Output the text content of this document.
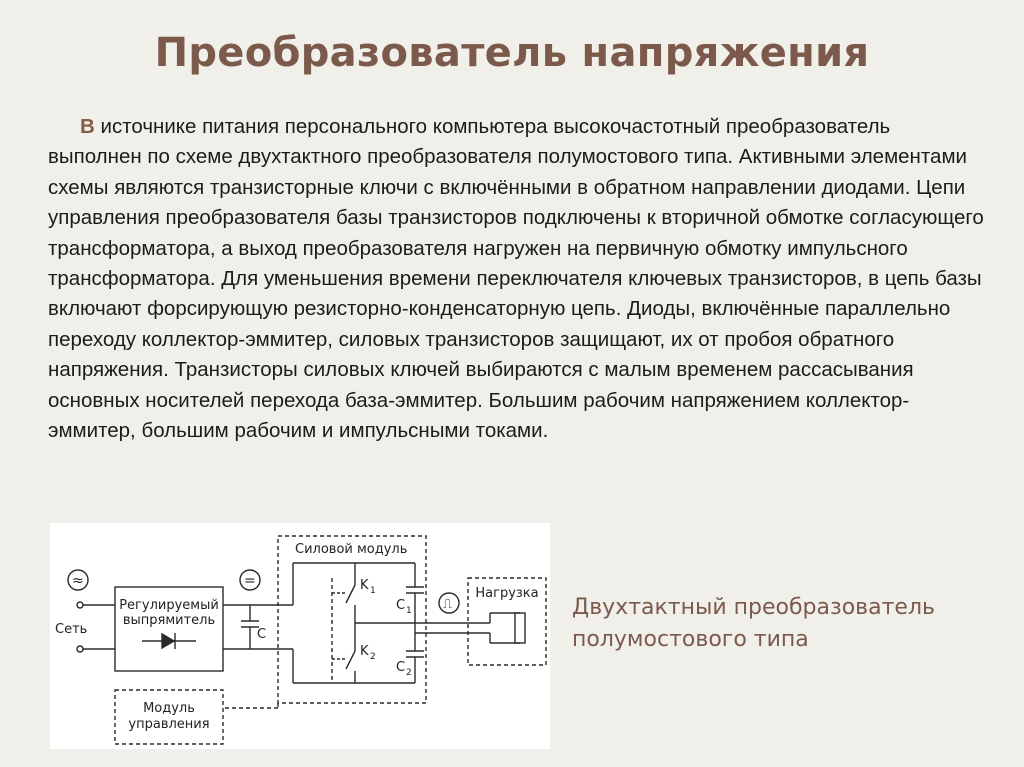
Преобразователь напряжения

В источнике питания персонального компьютера высокочастотный преобразователь выполнен по схеме двухтактного преобразователя полумостового типа. Активными элементами схемы являются транзисторные ключи с включёнными в обратном направлении диодами. Цепи управления преобразователя базы транзисторов подключены к вторичной обмотке согласующего трансформатора, а выход преобразователя нагружен на первичную обмотку импульсного трансформатора. Для уменьшения времени переключателя ключевых транзисторов, в цепь базы включают форсирующую резисторно-конденсаторную цепь. Диоды, включённые параллельно переходу коллектор-эммитер, силовых транзисторов защищают, их от пробоя обратного напряжения. Транзисторы силовых ключей выбираются с малым временем рассасывания основных носителей перехода база-эммитер. Большим рабочим напряжением коллектор-эммитер, большим рабочим и импульсными токами.

Силовой модуль
Регулируемый
выпрямитель
Модуль
управления
Сеть
Нагрузка
≈	=
⎍
C
C 1
C 2
K 1
K 2

Двухтактный преобразователь
полумостового типа
